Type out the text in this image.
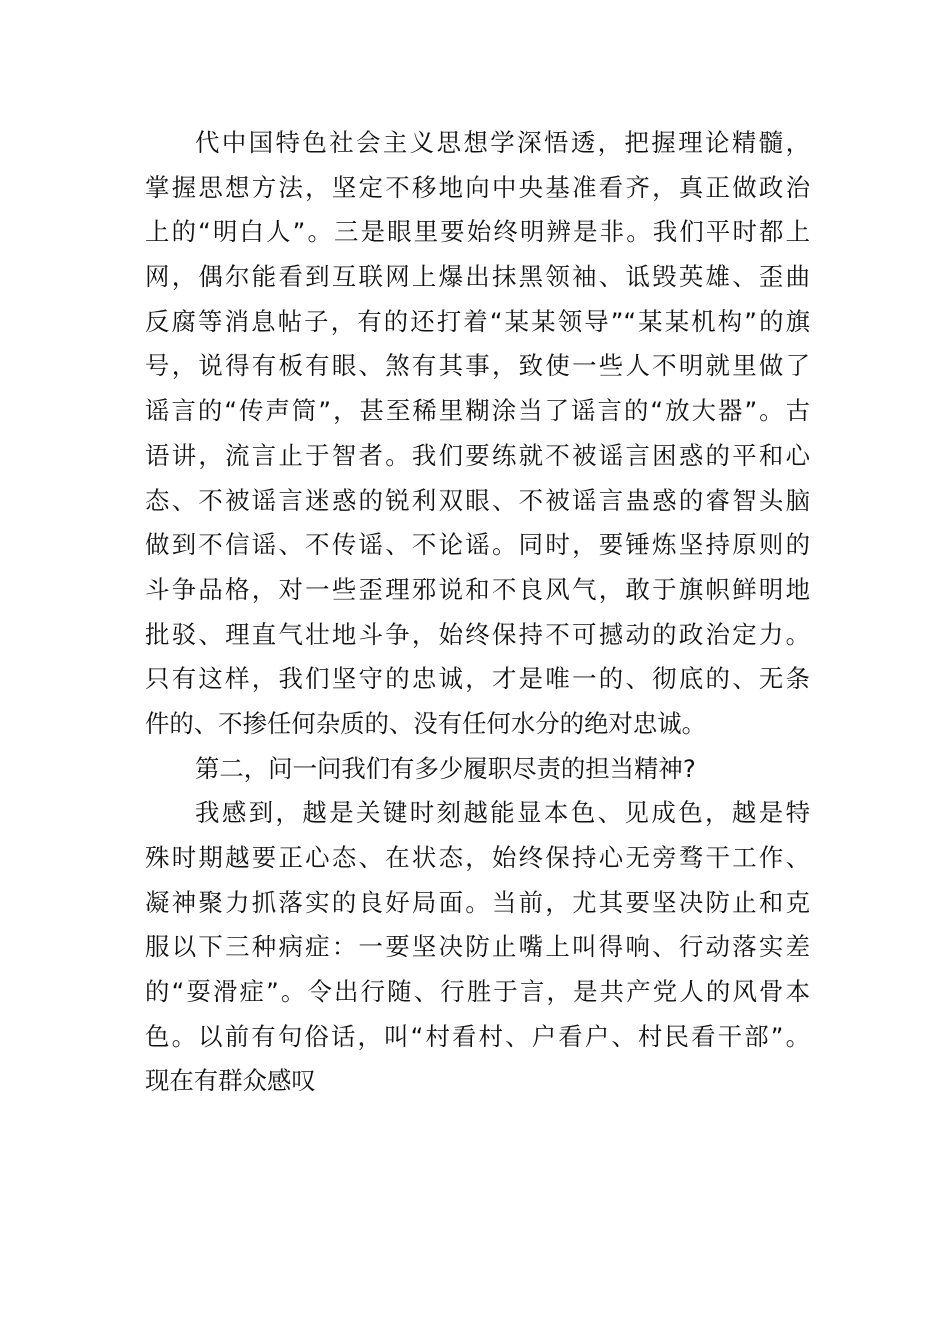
代中国特色社会主义思想学深悟透，把握理论精髓，
掌握思想方法，坚定不移地向中央基准看齐，真正做政治
上的“明白人”。三是眼里要始终明辨是非。我们平时都上
网，偶尔能看到互联网上爆出抹黑领袖、诋毁英雄、歪曲
反腐等消息帖子，有的还打着“某某领导”“某某机构”的旗
号，说得有板有眼、煞有其事，致使一些人不明就里做了
谣言的“传声筒”，甚至稀里糊涂当了谣言的“放大器”。古
语讲，流言止于智者。我们要练就不被谣言困惑的平和心
态、不被谣言迷惑的锐利双眼、不被谣言蛊惑的睿智头脑
做到不信谣、不传谣、不论谣。同时，要锤炼坚持原则的
斗争品格，对一些歪理邪说和不良风气，敢于旗帜鲜明地
批驳、理直气壮地斗争，始终保持不可撼动的政治定力。
只有这样，我们坚守的忠诚，才是唯一的、彻底的、无条
件的、不掺任何杂质的、没有任何水分的绝对忠诚。
第二，问一问我们有多少履职尽责的担当精神?
我感到，越是关键时刻越能显本色、见成色，越是特
殊时期越要正心态、在状态，始终保持心无旁骛干工作、
凝神聚力抓落实的良好局面。当前，尤其要坚决防止和克
服以下三种病症：一要坚决防止嘴上叫得响、行动落实差
的“耍滑症”。令出行随、行胜于言，是共产党人的风骨本
色。以前有句俗话，叫“村看村、户看户、村民看干部”。
现在有群众感叹
